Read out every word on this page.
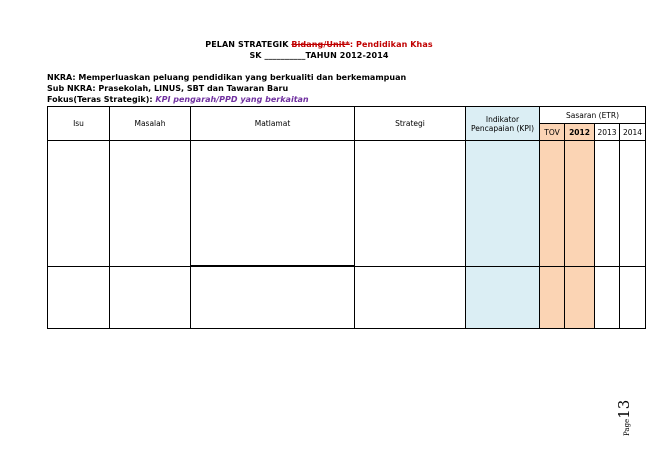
PELAN STRATEGIK Bidang/Unit*: Pendidikan Khas
SK __________TAHUN 2012-2014
NKRA: Memperluaskan peluang pendidikan yang berkualiti dan berkemampuan
Sub NKRA: Prasekolah, LINUS, SBT dan Tawaran Baru
Fokus(Teras Strategik): KPI pengarah/PPD yang berkaitan
Isu	Masalah	Matlamat	Strategi	Indikator Pencapaian (KPI)	Sasaran (ETR)			
					TOV	2012	2013	2014

Page13
